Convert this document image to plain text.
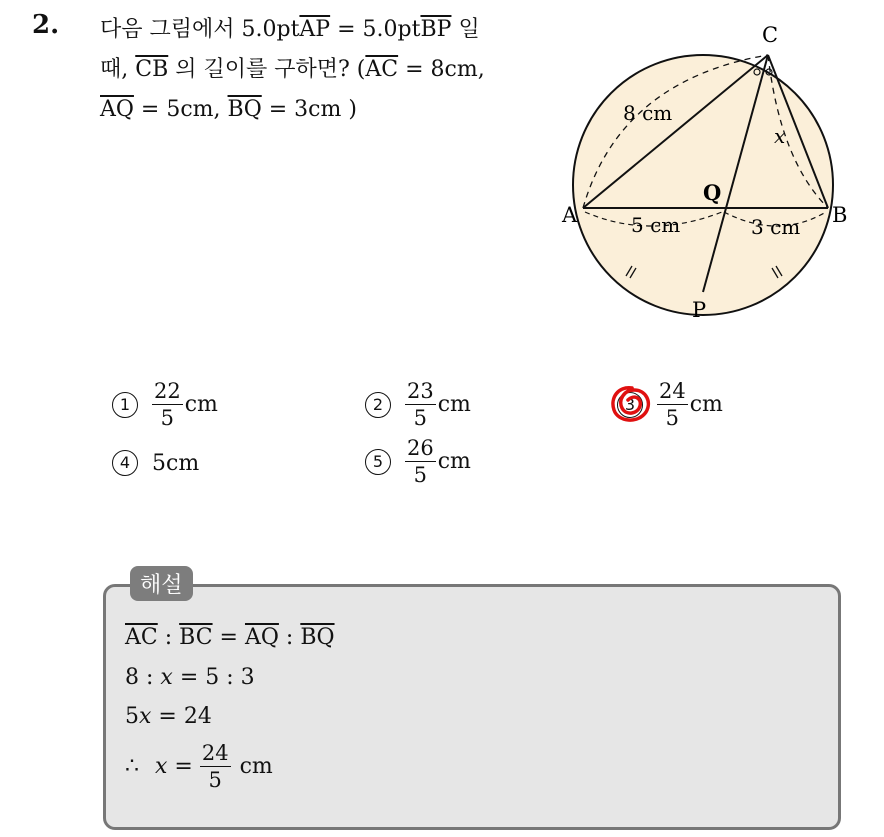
2. 다음 그림에서 $5.0pt\overline{AP} = 5.0pt\overline{BP}$ 일
때, $\overline{CB}$ 의 길이를 구하면? ($\overline{AC} = 8cm$,
$\overline{AQ} = 5cm$, $\overline{BQ} = 3cm$ )
C
A	B
Q
P
8 cm
5 cm	3 cm
x
1	$\frac{22}{5}$ cm	2	$\frac{23}{5}$ cm	3	$\frac{24}{5}$ cm
4 5cm	5	$\frac{26}{5}$ cm
해설
$\overline{AC}$ : $\overline{BC} = \overline{AQ}$ : $\overline{BQ}$
8 : x = 5 : 3
5 x = 24
∴ $x = \frac{24}{5}$ cm
